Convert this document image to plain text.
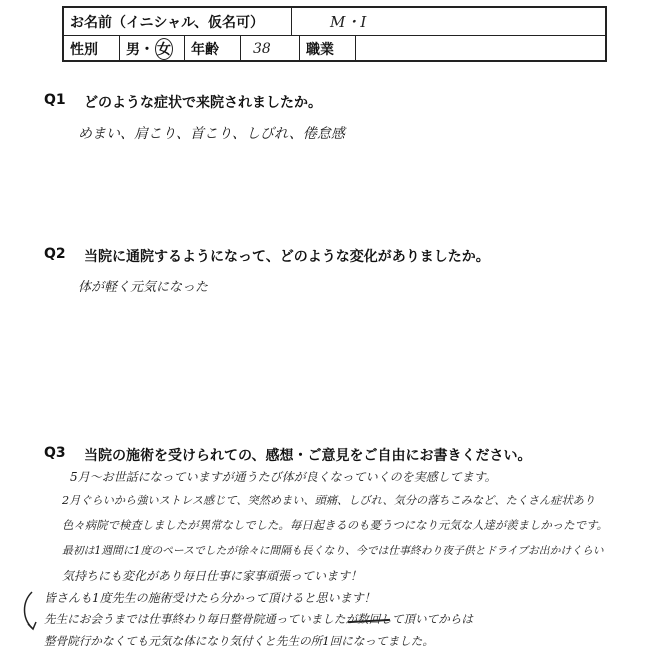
お名前（イニシャル、仮名可）	M・I
性別	男・ 女	年齢	38	職業
Q1 どのような症状で来院されましたか。
めまい、肩こり、首こり、しびれ、倦怠感
Q2 当院に通院するようになって、どのような変化がありましたか。
体が軽く元気になった
Q3 当院の施術を受けられての、感想・ご意見をご自由にお書きください。
5月〜お世話になっていますが通うたび体が良くなっていくのを実感してます。
2月ぐらいから強いストレス感じて、突然めまい、頭痛、しびれ、気分の落ちこみなど、たくさん症状あり
色々病院で検査しましたが異常なしでした。毎日起きるのも憂うつになり元気な人達が羨ましかったです。
最初は1週間に1度のペースでしたが徐々に間隔も長くなり、今では仕事終わり夜子供とドライブお出かけくらい
気持ちにも変化があり毎日仕事に家事頑張っています！
皆さんも1度先生の施術受けたら分かって頂けると思います！
先生にお会うまでは仕事終わり毎日整骨院通っていましたが数回して頂いてからは
整骨院行かなくても元気な体になり気付くと先生の所1回になってました。
